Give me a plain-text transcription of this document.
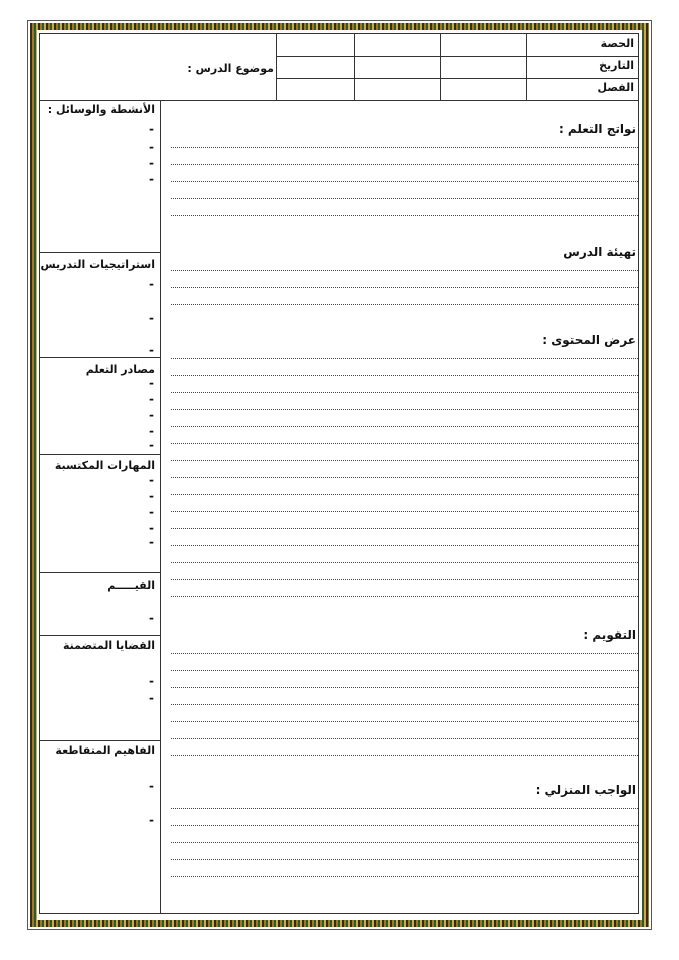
موضوع الدرس :
الحصة
التاريخ
الفصل
الأنشطة والوسائل :
-
-
-
-
استراتيجيات التدريس
-
-
-
مصادر التعلم
-
-
-
-
-
المهارات المكتسبة
-
-
-
-
-
القيـــــم
-
القضايا المتضمنة
-
-
الفاهيم المتقاطعة
-
-
نواتج التعلم :
تهيئة الدرس
عرض المحتوى :
التقويم :
الواجب المنزلي :
